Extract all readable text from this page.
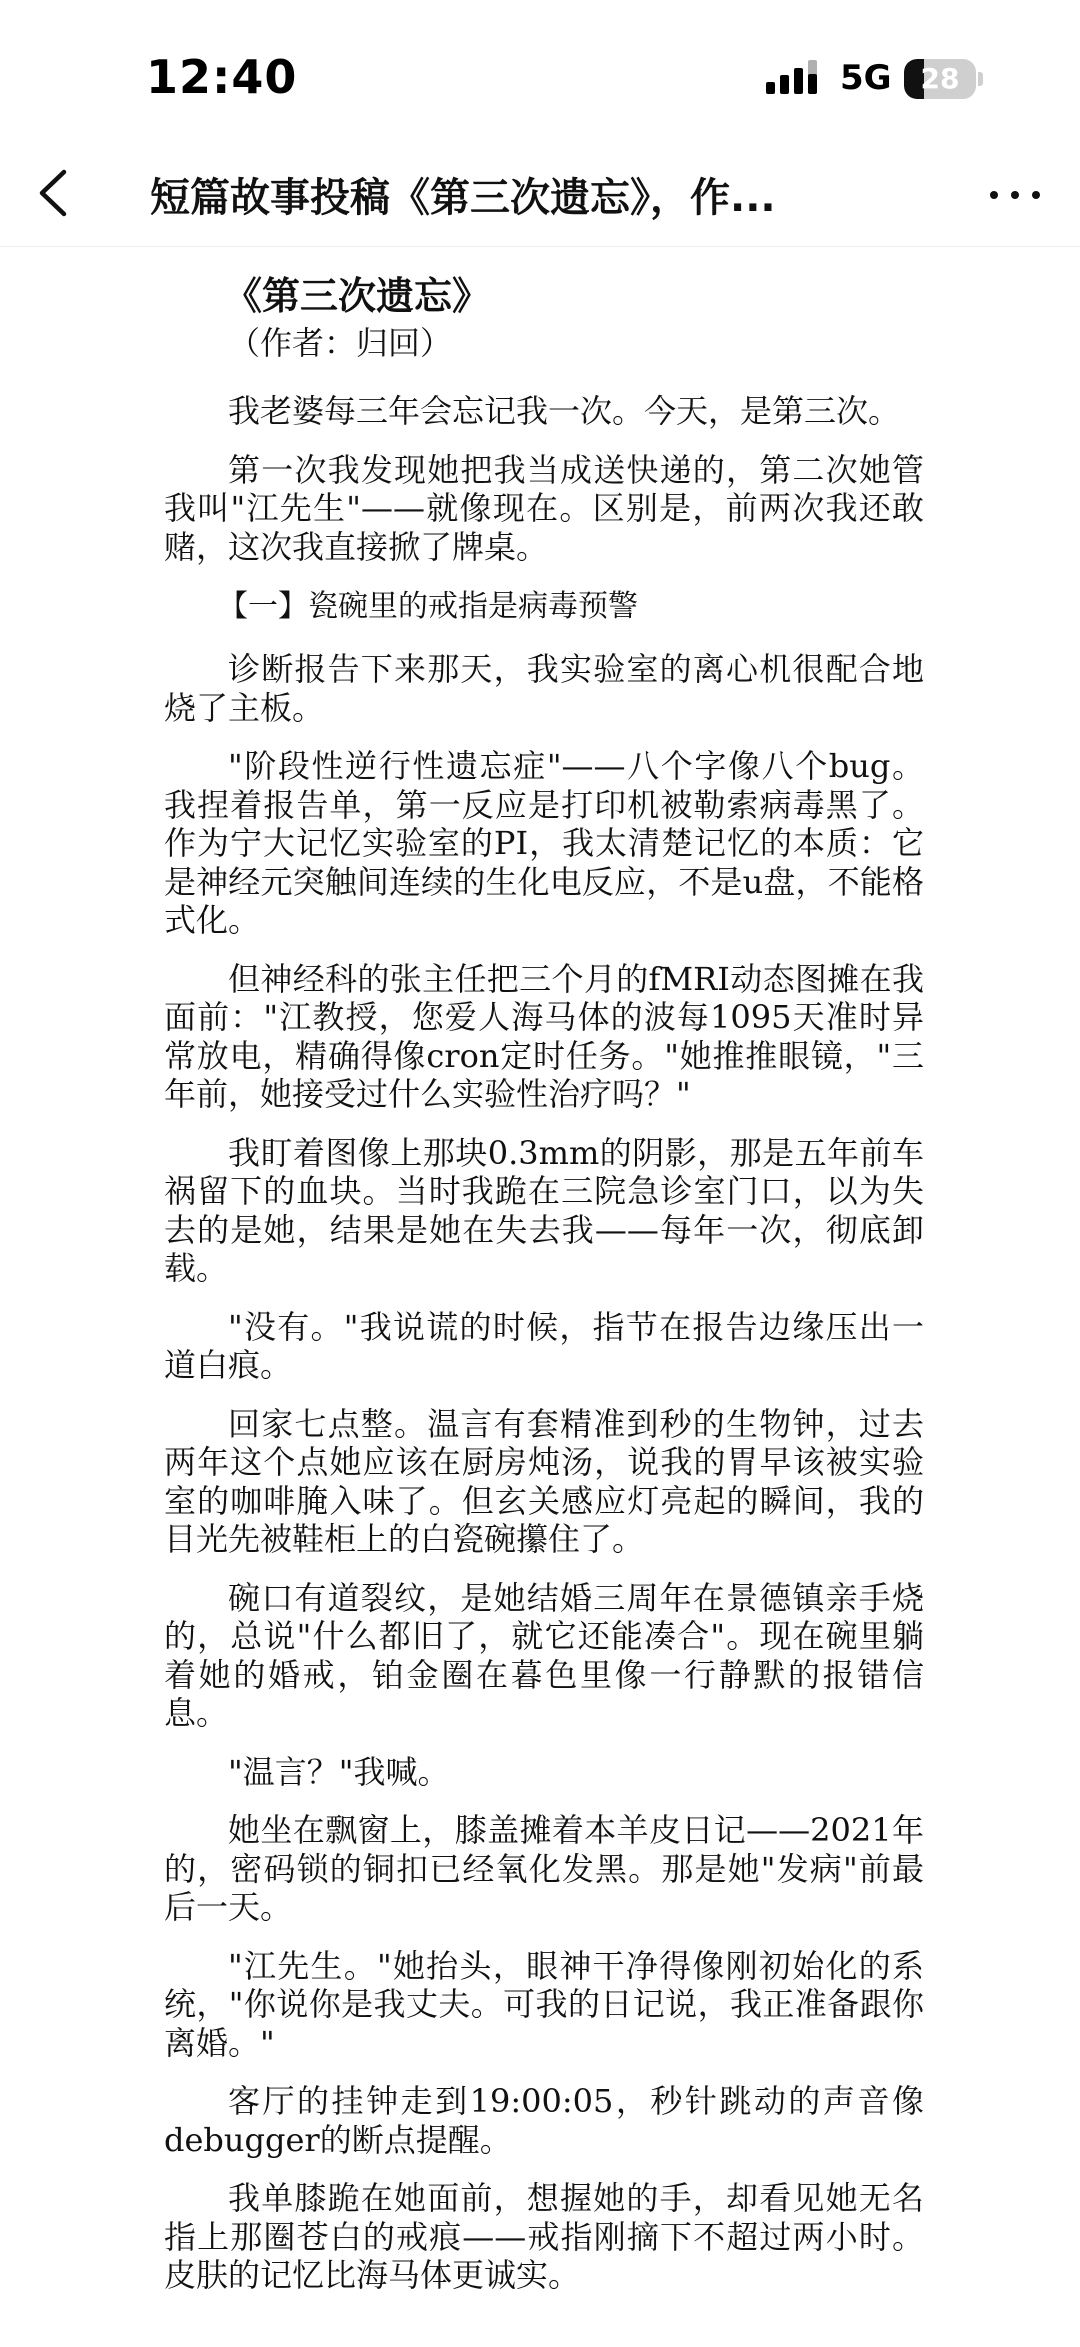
12:40	5G	28
短篇故事投稿《第三次遗忘》，作...
《第三次遗忘》
（作者：归回）

我老婆每三年会忘记我一次。今天，是第三次。

第一次我发现她把我当成送快递的，第二次她管我叫"江先生"——就像现在。区别是，前两次我还敢赌，这次我直接掀了牌桌。

【一】瓷碗里的戒指是病毒预警

诊断报告下来那天，我实验室的离心机很配合地烧了主板。

"阶段性逆行性遗忘症"——八个字像八个bug。我捏着报告单，第一反应是打印机被勒索病毒黑了。作为宁大记忆实验室的PI，我太清楚记忆的本质：它是神经元突触间连续的生化电反应，不是u盘，不能格式化。

但神经科的张主任把三个月的fMRI动态图摊在我面前："江教授，您爱人海马体的波每1095天准时异常放电，精确得像cron定时任务。"她推推眼镜，"三年前，她接受过什么实验性治疗吗？"

我盯着图像上那块0.3mm的阴影，那是五年前车祸留下的血块。当时我跪在三院急诊室门口，以为失去的是她，结果是她在失去我——每年一次，彻底卸载。

"没有。"我说谎的时候，指节在报告边缘压出一道白痕。

回家七点整。温言有套精准到秒的生物钟，过去两年这个点她应该在厨房炖汤，说我的胃早该被实验室的咖啡腌入味了。但玄关感应灯亮起的瞬间，我的目光先被鞋柜上的白瓷碗攥住了。

碗口有道裂纹，是她结婚三周年在景德镇亲手烧的，总说"什么都旧了，就它还能凑合"。现在碗里躺着她的婚戒，铂金圈在暮色里像一行静默的报错信息。

"温言？"我喊。

她坐在飘窗上，膝盖摊着本羊皮日记——2021年的，密码锁的铜扣已经氧化发黑。那是她"发病"前最后一天。

"江先生。"她抬头，眼神干净得像刚初始化的系统，"你说你是我丈夫。可我的日记说，我正准备跟你离婚。"

客厅的挂钟走到19:00:05，秒针跳动的声音像debugger的断点提醒。

我单膝跪在她面前，想握她的手，却看见她无名指上那圈苍白的戒痕——戒指刚摘下不超过两小时。皮肤的记忆比海马体更诚实。
